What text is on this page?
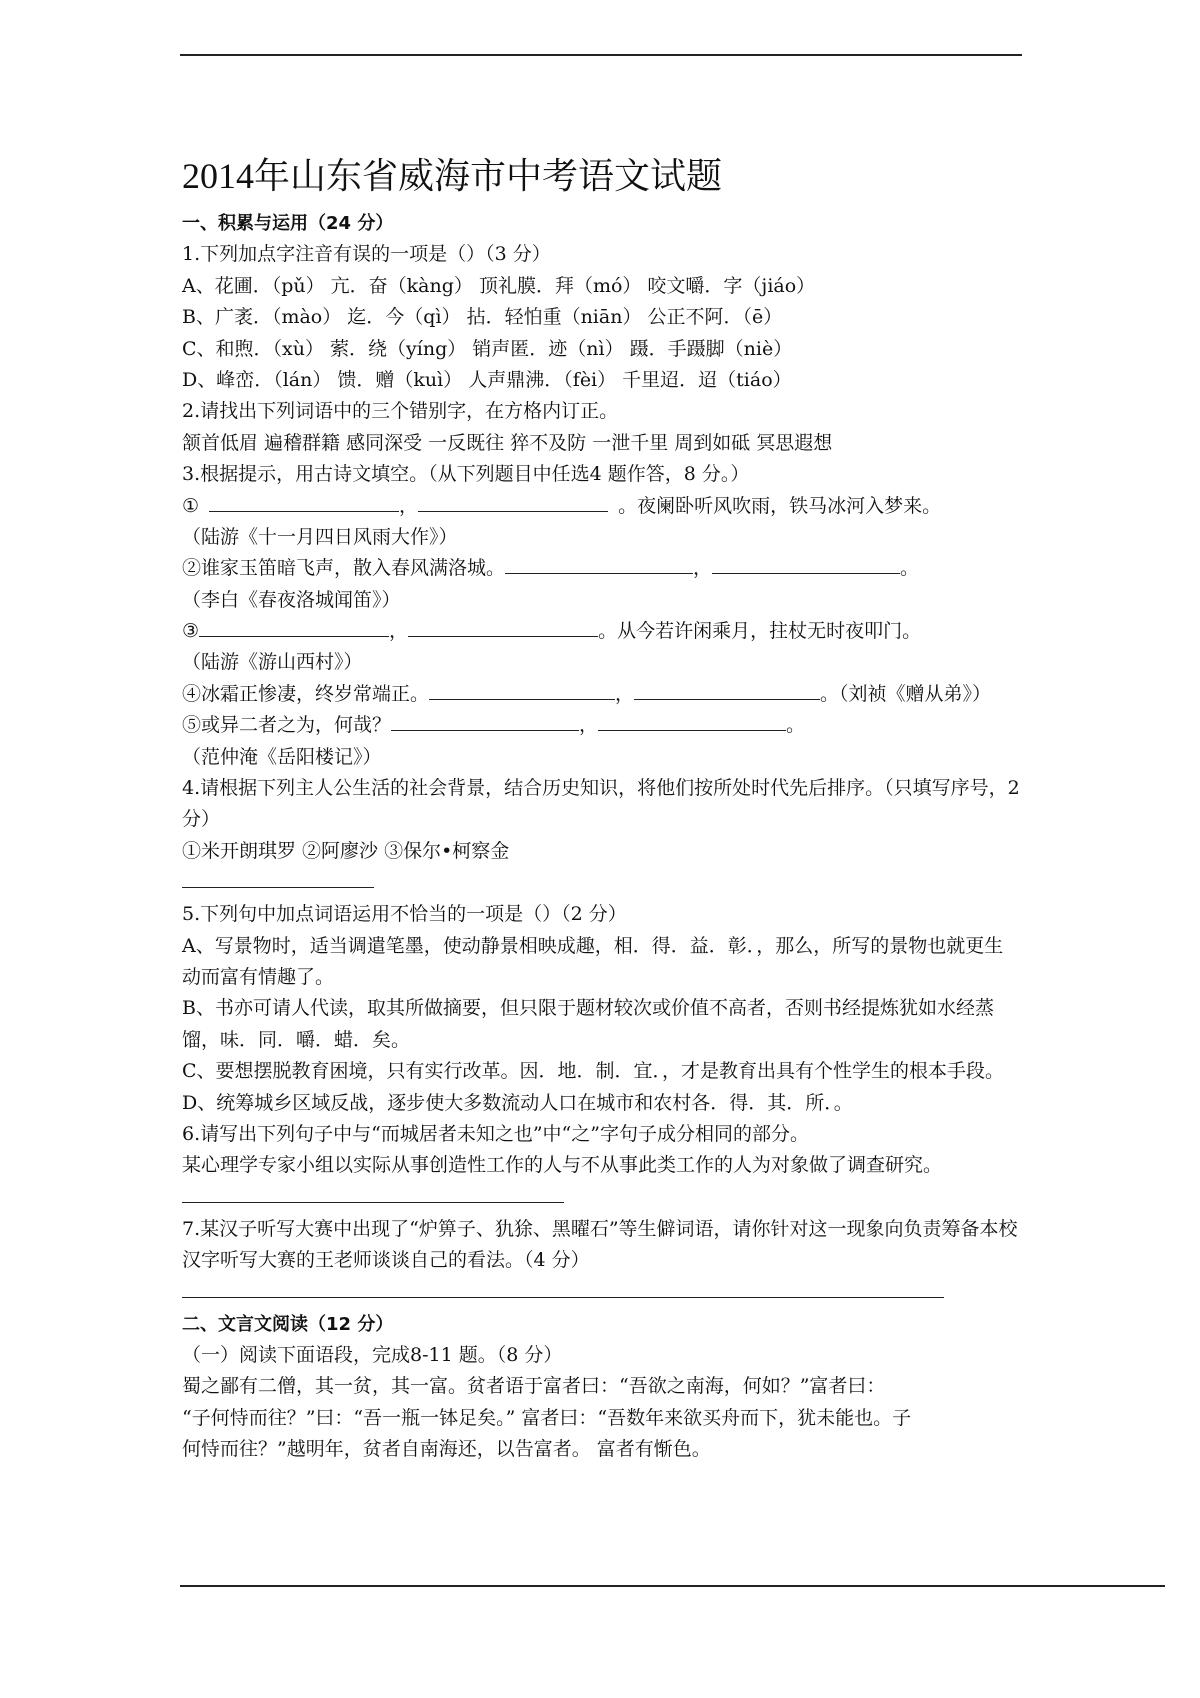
2014年山东省威海市中考语文试题
一、积累与运用（24 分）
1.下列加点字注音有误的一项是（）（3 分）
A、花圃．（pǔ） 亢．奋（kàng） 顶礼膜．拜（mó） 咬文嚼．字（jiáo）
B、广袤．（mào） 迄．今（qì） 拈．轻怕重（niān） 公正不阿．（ē）
C、和煦．（xù） 萦．绕（yíng） 销声匿．迹（nì） 蹑．手蹑脚（niè）
D、峰峦．（lán） 馈．赠（kuì） 人声鼎沸．（fèi） 千里迢．迢（tiáo）
2.请找出下列词语中的三个错别字，在方格内订正。
颔首低眉 遍稽群籍 感同深受 一反既往 猝不及防 一泄千里 周到如砥 冥思遐想
3.根据提示，用古诗文填空。（从下列题目中任选4 题作答，8 分。）
①	，	。夜阑卧听风吹雨，铁马冰河入梦来。
（陆游《十一月四日风雨大作》）
②谁家玉笛暗飞声，散入春风满洛城。	，	。
（李白《春夜洛城闻笛》）
③	，	。从今若许闲乘月，拄杖无时夜叩门。
（陆游《游山西村》）
④冰霜正惨凄，终岁常端正。	，	。（刘祯《赠从弟》）
⑤或异二者之为，何哉？	，	。
（范仲淹《岳阳楼记》）
4.请根据下列主人公生活的社会背景，结合历史知识，将他们按所处时代先后排序。（只填写序号，2 分）
①米开朗琪罗 ②阿廖沙 ③保尔•柯察金
5.下列句中加点词语运用不恰当的一项是（）（2 分）
A、写景物时，适当调遣笔墨，使动静景相映成趣，相．得．益．彰．，那么，所写的景物也就更生动而富有情趣了。
B、书亦可请人代读，取其所做摘要，但只限于题材较次或价值不高者，否则书经提炼犹如水经蒸馏，味．同．嚼．蜡．矣。
C、要想摆脱教育困境，只有实行改革。因．地．制．宜．，才是教育出具有个性学生的根本手段。
D、统筹城乡区域反战，逐步使大多数流动人口在城市和农村各．得．其．所．。
6.请写出下列句子中与“而城居者未知之也”中“之”字句子成分相同的部分。
某心理学专家小组以实际从事创造性工作的人与不从事此类工作的人为对象做了调查研究。
7.某汉子听写大赛中出现了“炉箅子、犰狳、黑曜石”等生僻词语，请你针对这一现象向负责筹备本校汉字听写大赛的王老师谈谈自己的看法。（4 分）
二、文言文阅读（12 分）
（一）阅读下面语段，完成8-11 题。（8 分）
蜀之鄙有二僧，其一贫，其一富。贫者语于富者曰：“吾欲之南海，何如？”富者曰：
“子何恃而往？”曰：“吾一瓶一钵足矣。” 富者曰：“吾数年来欲买舟而下，犹未能也。子
何恃而往？”越明年，贫者自南海还，以告富者。 富者有惭色。
